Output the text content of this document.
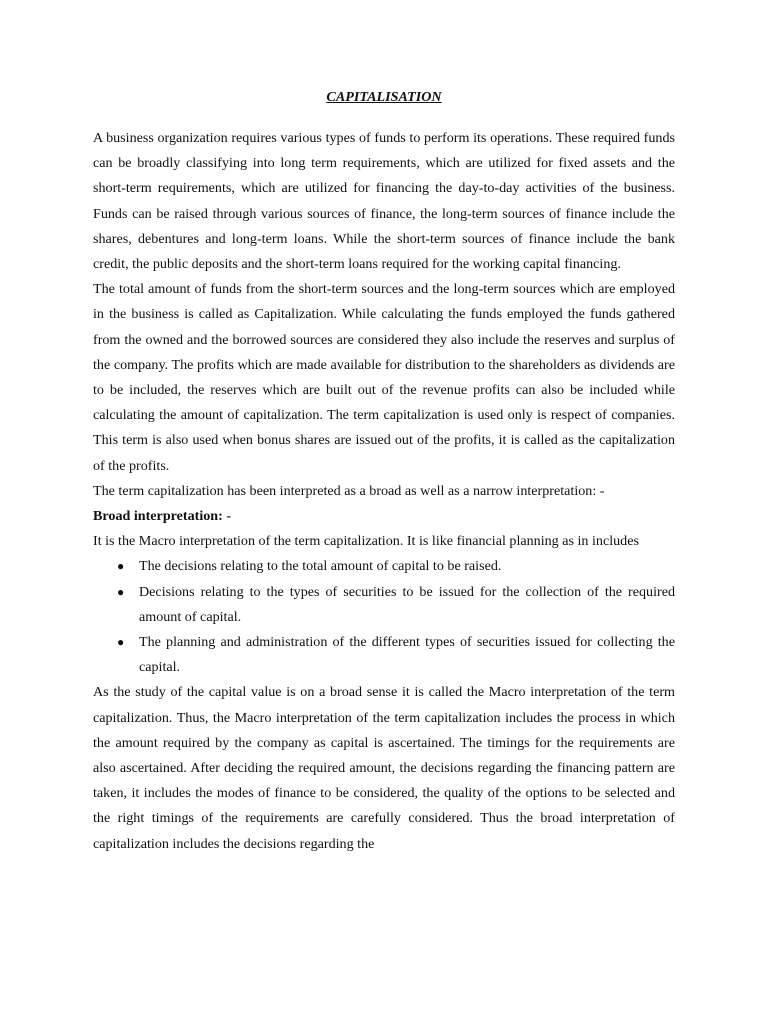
CAPITALISATION

A business organization requires various types of funds to perform its operations. These required funds can be broadly classifying into long term requirements, which are utilized for fixed assets and the short-term requirements, which are utilized for financing the day-to-day activities of the business. Funds can be raised through various sources of finance, the long-term sources of finance include the shares, debentures and long-term loans. While the short-term sources of finance include the bank credit, the public deposits and the short-term loans required for the working capital financing.

The total amount of funds from the short-term sources and the long-term sources which are employed in the business is called as Capitalization. While calculating the funds employed the funds gathered from the owned and the borrowed sources are considered they also include the reserves and surplus of the company. The profits which are made available for distribution to the shareholders as dividends are to be included, the reserves which are built out of the revenue profits can also be included while calculating the amount of capitalization. The term capitalization is used only is respect of companies. This term is also used when bonus shares are issued out of the profits, it is called as the capitalization of the profits.

The term capitalization has been interpreted as a broad as well as a narrow interpretation: -

Broad interpretation: -

It is the Macro interpretation of the term capitalization. It is like financial planning as in includes

● The decisions relating to the total amount of capital to be raised.
● Decisions relating to the types of securities to be issued for the collection of the required amount of capital.
● The planning and administration of the different types of securities issued for collecting the capital.

As the study of the capital value is on a broad sense it is called the Macro interpretation of the term capitalization. Thus, the Macro interpretation of the term capitalization includes the process in which the amount required by the company as capital is ascertained. The timings for the requirements are also ascertained. After deciding the required amount, the decisions regarding the financing pattern are taken, it includes the modes of finance to be considered, the quality of the options to be selected and the right timings of the requirements are carefully considered. Thus the broad interpretation of capitalization includes the decisions regarding the
